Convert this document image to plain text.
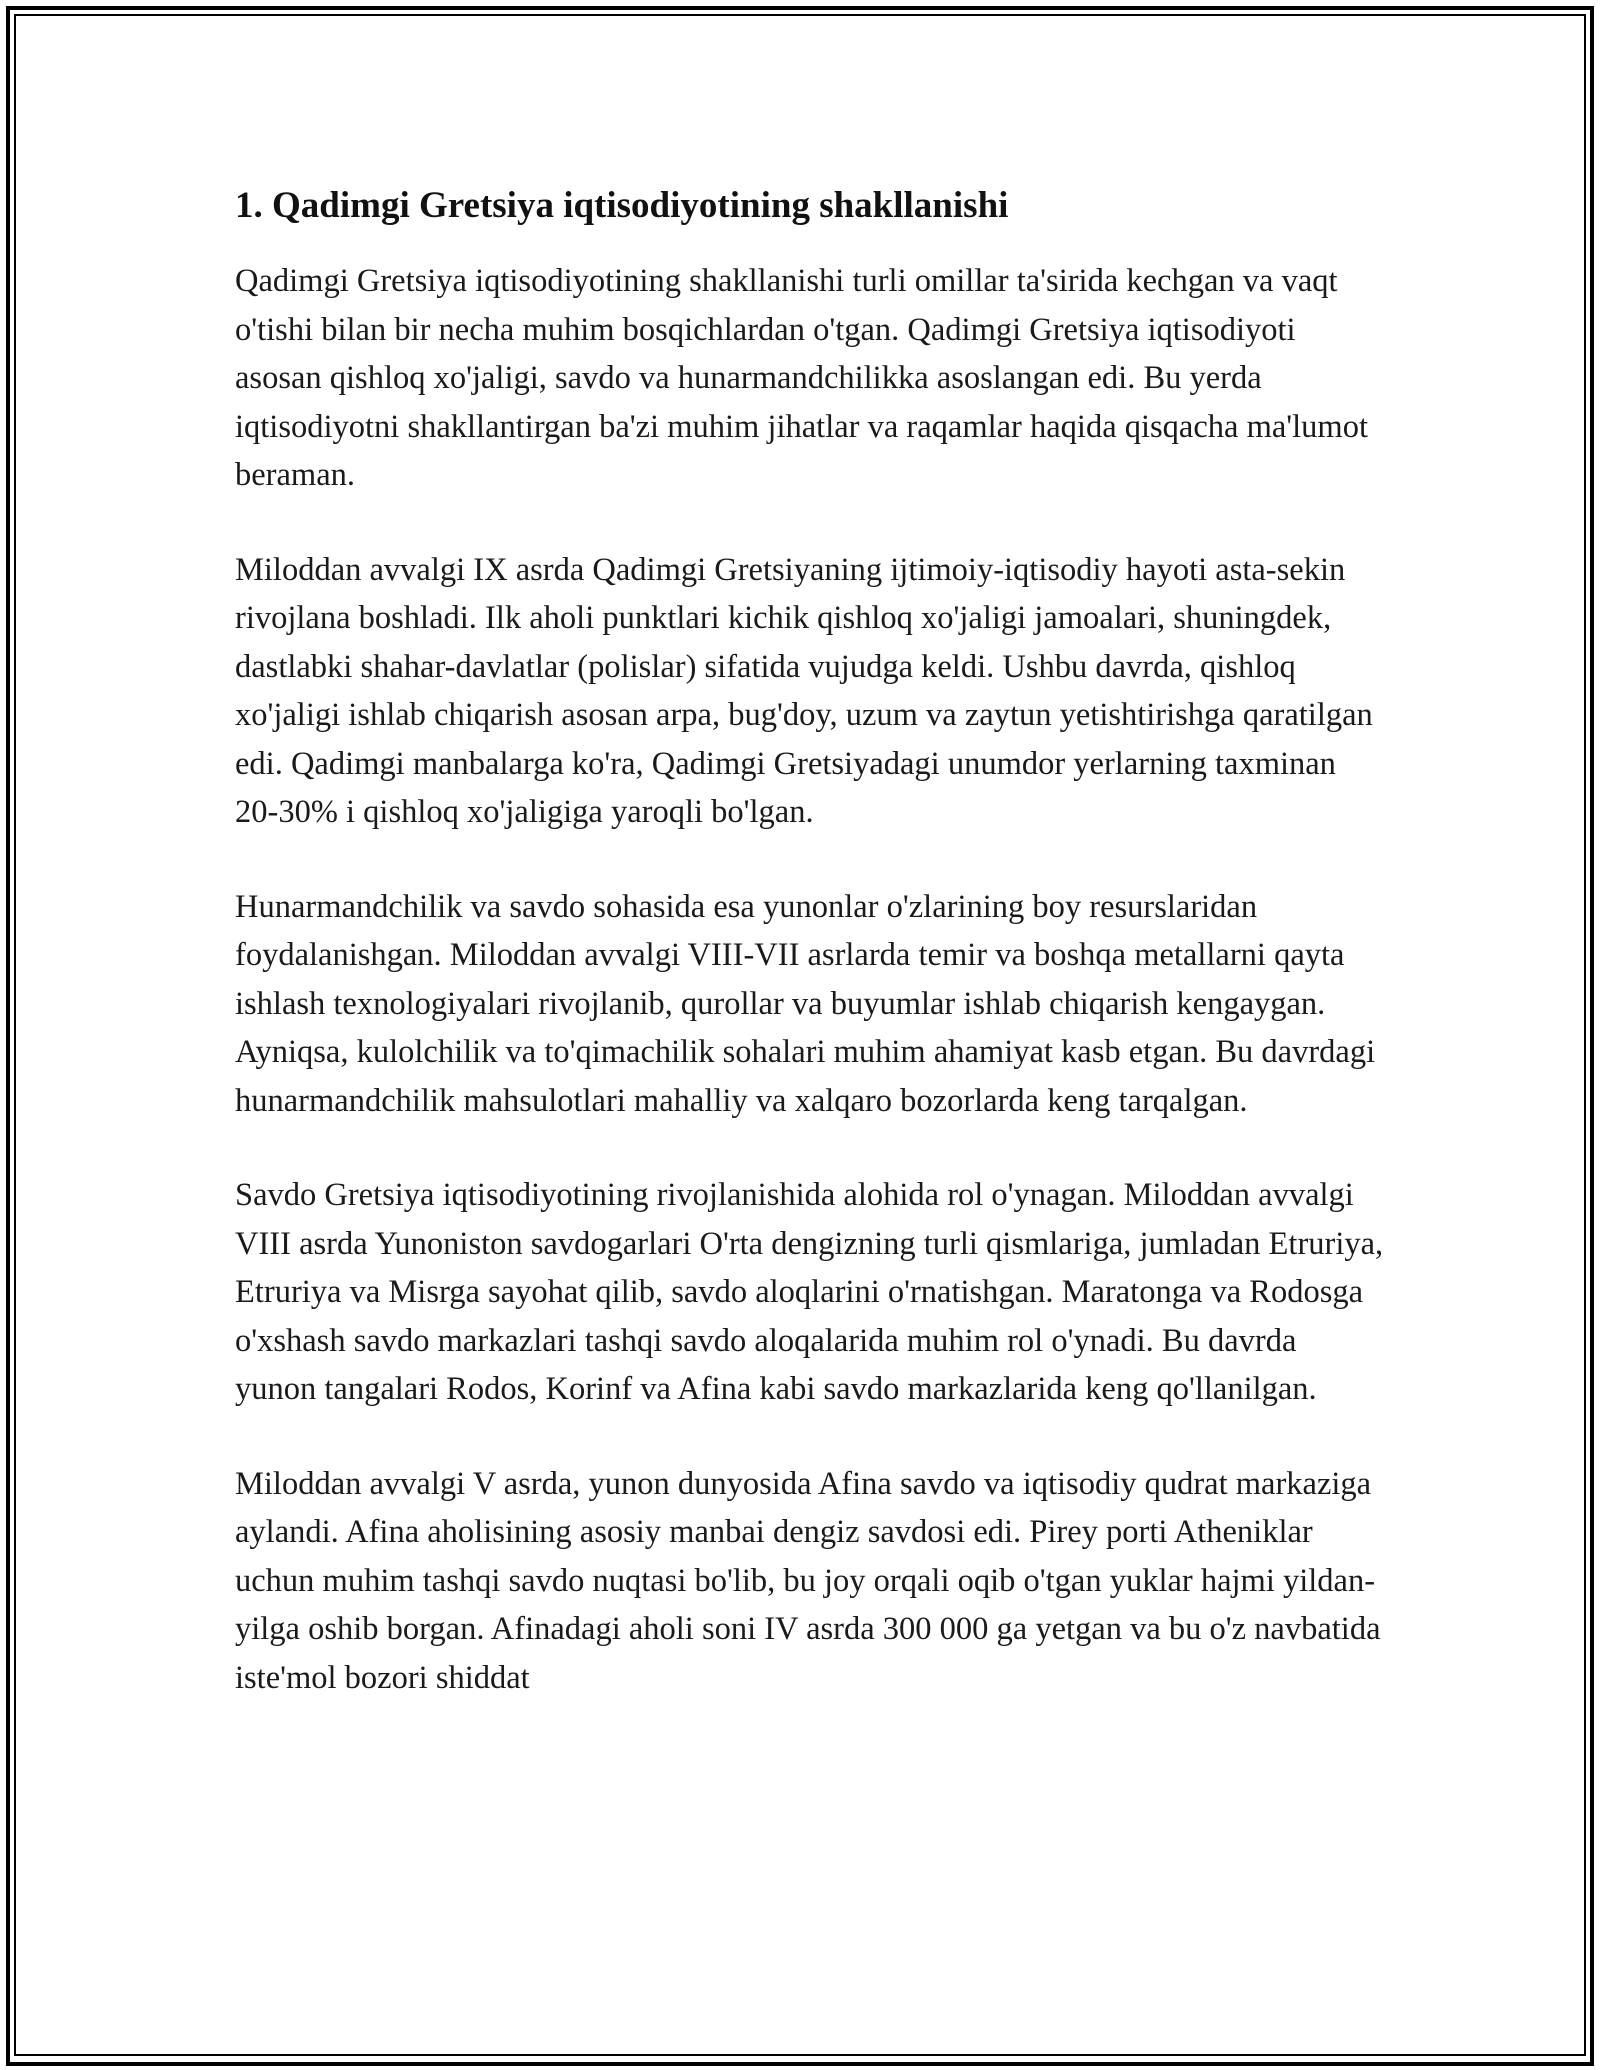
1. Qadimgi Gretsiya iqtisodiyotining shakllanishi

Qadimgi Gretsiya iqtisodiyotining shakllanishi turli omillar ta'sirida kechgan va vaqt o'tishi bilan bir necha muhim bosqichlardan o'tgan. Qadimgi Gretsiya iqtisodiyoti asosan qishloq xo'jaligi, savdo va hunarmandchilikka asoslangan edi. Bu yerda iqtisodiyotni shakllantirgan ba'zi muhim jihatlar va raqamlar haqida qisqacha ma'lumot beraman.

Miloddan avvalgi IX asrda Qadimgi Gretsiyaning ijtimoiy-iqtisodiy hayoti asta-sekin rivojlana boshladi. Ilk aholi punktlari kichik qishloq xo'jaligi jamoalari, shuningdek, dastlabki shahar-davlatlar (polislar) sifatida vujudga keldi. Ushbu davrda, qishloq xo'jaligi ishlab chiqarish asosan arpa, bug'doy, uzum va zaytun yetishtirishga qaratilgan edi. Qadimgi manbalarga ko'ra, Qadimgi Gretsiyadagi unumdor yerlarning taxminan 20-30% i qishloq xo'jaligiga yaroqli bo'lgan.

Hunarmandchilik va savdo sohasida esa yunonlar o'zlarining boy resurslaridan foydalanishgan. Miloddan avvalgi VIII-VII asrlarda temir va boshqa metallarni qayta ishlash texnologiyalari rivojlanib, qurollar va buyumlar ishlab chiqarish kengaygan. Ayniqsa, kulolchilik va to'qimachilik sohalari muhim ahamiyat kasb etgan. Bu davrdagi hunarmandchilik mahsulotlari mahalliy va xalqaro bozorlarda keng tarqalgan.

Savdo Gretsiya iqtisodiyotining rivojlanishida alohida rol o'ynagan. Miloddan avvalgi VIII asrda Yunoniston savdogarlari O'rta dengizning turli qismlariga, jumladan Etruriya, Etruriya va Misrga sayohat qilib, savdo aloqlarini o'rnatishgan. Maratonga va Rodosga o'xshash savdo markazlari tashqi savdo aloqalarida muhim rol o'ynadi. Bu davrda yunon tangalari Rodos, Korinf va Afina kabi savdo markazlarida keng qo'llanilgan.

Miloddan avvalgi V asrda, yunon dunyosida Afina savdo va iqtisodiy qudrat markaziga aylandi. Afina aholisining asosiy manbai dengiz savdosi edi. Pirey porti Atheniklar uchun muhim tashqi savdo nuqtasi bo'lib, bu joy orqali oqib o'tgan yuklar hajmi yildan-yilga oshib borgan. Afinadagi aholi soni IV asrda 300 000 ga yetgan va bu o'z navbatida iste'mol bozori shiddat
